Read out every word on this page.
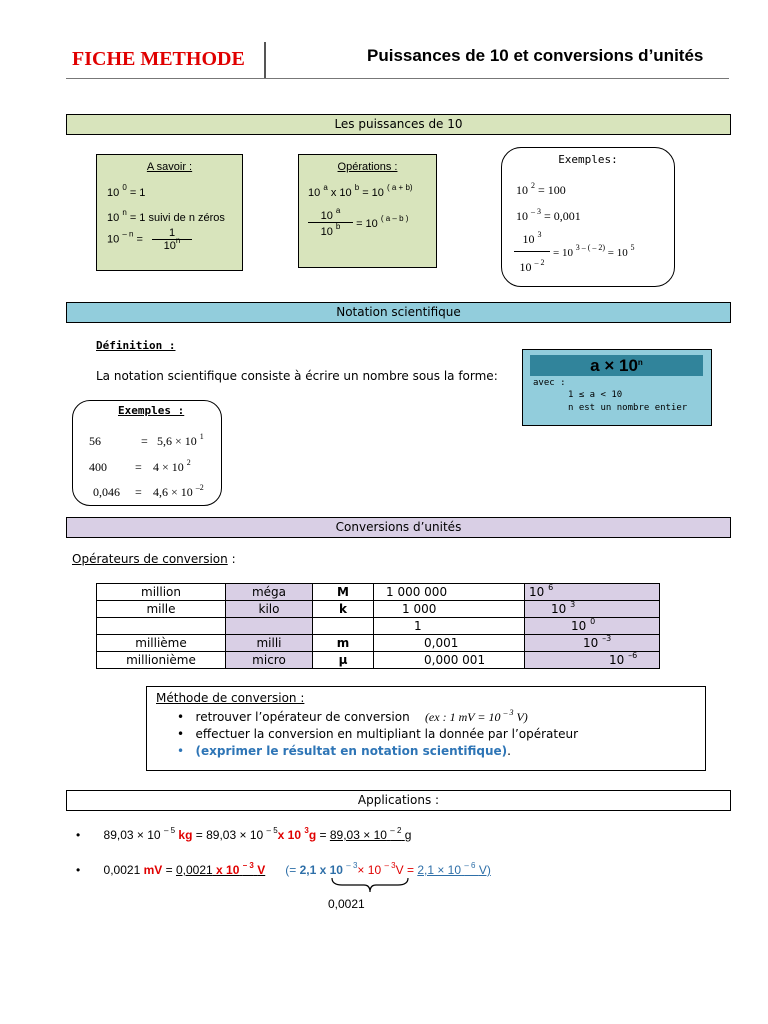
FICHE METHODE	Puissances de 10 et conversions d’unités
Les puissances de 10
A savoir :
10 $^0$ = 1
10 $^n$ = 1 suivi de n zéros
10 $^{- n} = \frac{1}{10^n}$
Opérations :
10 $^a$ x 10 $^b$ = 10 $^{( a + b)}$
$\frac{10 ^a}{10 ^b} = 10$ $^{( a - b )}$
Exemples:
10 $^2$ = 100
10 $^{- 3}$ = 0,001
$\frac{10 ^3}{10 ^{- 2}} = 10$ $^{3 - ( - 2)}$ = 10 $^5$
Notation scientifique
Définition :
La notation scientifique consiste à écrire un nombre sous la forme:
$a \times 10^n$
avec :
1 ≤ a < 10
n est un nombre entier
Exemples :
56	= 5,6 × 10 $^1$
400 = 4 × 10 $^2$
0,046 = 4,6 × 10 $^{-2}$
Conversions d’unités
Opérateurs de conversion :
million	méga	M	1 000 000	10 $^6$
mille	kilo	k	1 000	10 $^3$
			1	10 $^0$
millième	milli	m	0,001	10 $^{-3}$
millionième	micro	µ	0,000 001	10 $^{-6}$
Méthode de conversion :
• retrouver l’opérateur de conversion (ex : 1 mV = 10 $^{- 3}$ V)
• effectuer la conversion en multipliant la donnée par l’opérateur
• (exprimer le résultat en notation scientifique).
Applications :
• 89,03 × 10 $^{- 5}$ kg = 89,03 × 10 $^{- 5}$x 10 $^3$g = 89,03 × 10 $^{- 2}$ g
• 0,0021 mV = 0,0021 x 10 $^{- 3}$ V (= 2,1 x 10 $^{- 3}$× 10 $^{- 3}$V = 2,1 × 10 $^{- 6}$ V)
0,0021
